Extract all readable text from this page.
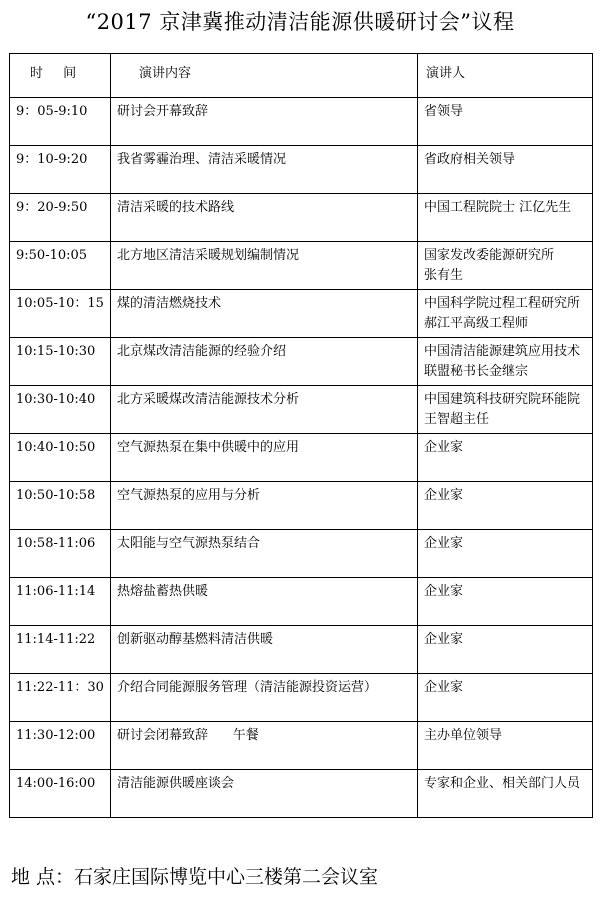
“2017 京津冀推动清洁能源供暖研讨会”议程
时 间	演讲内容	演讲人
9：05-9:10	研讨会开幕致辞	省领导

9：10-9:20	我省雾霾治理、清洁采暖情况	省政府相关领导

9：20-9:50	清洁采暖的技术路线	中国工程院院士 江亿先生

9:50-10:05	北方地区清洁采暖规划编制情况	国家发改委能源研究所
张有生

10:05-10：15	煤的清洁燃烧技术	中国科学院过程工程研究所
郝江平高级工程师

10:15-10:30	北京煤改清洁能源的经验介绍	中国清洁能源建筑应用技术
联盟秘书长金继宗

10:30-10:40	北方采暖煤改清洁能源技术分析	中国建筑科技研究院环能院
王智超主任

10:40-10:50	空气源热泵在集中供暖中的应用	企业家

10:50-10:58	空气源热泵的应用与分析	企业家

10:58-11:06	太阳能与空气源热泵结合	企业家

11:06-11:14	热熔盐蓄热供暖	企业家

11:14-11:22	创新驱动醇基燃料清洁供暖	企业家

11:22-11：30	介绍合同能源服务管理（清洁能源投资运营）	企业家

11:30-12:00	研讨会闭幕致辞      午餐	主办单位领导

14:00-16:00	清洁能源供暖座谈会	专家和企业、相关部门人员
地 点：石家庄国际博览中心三楼第二会议室
